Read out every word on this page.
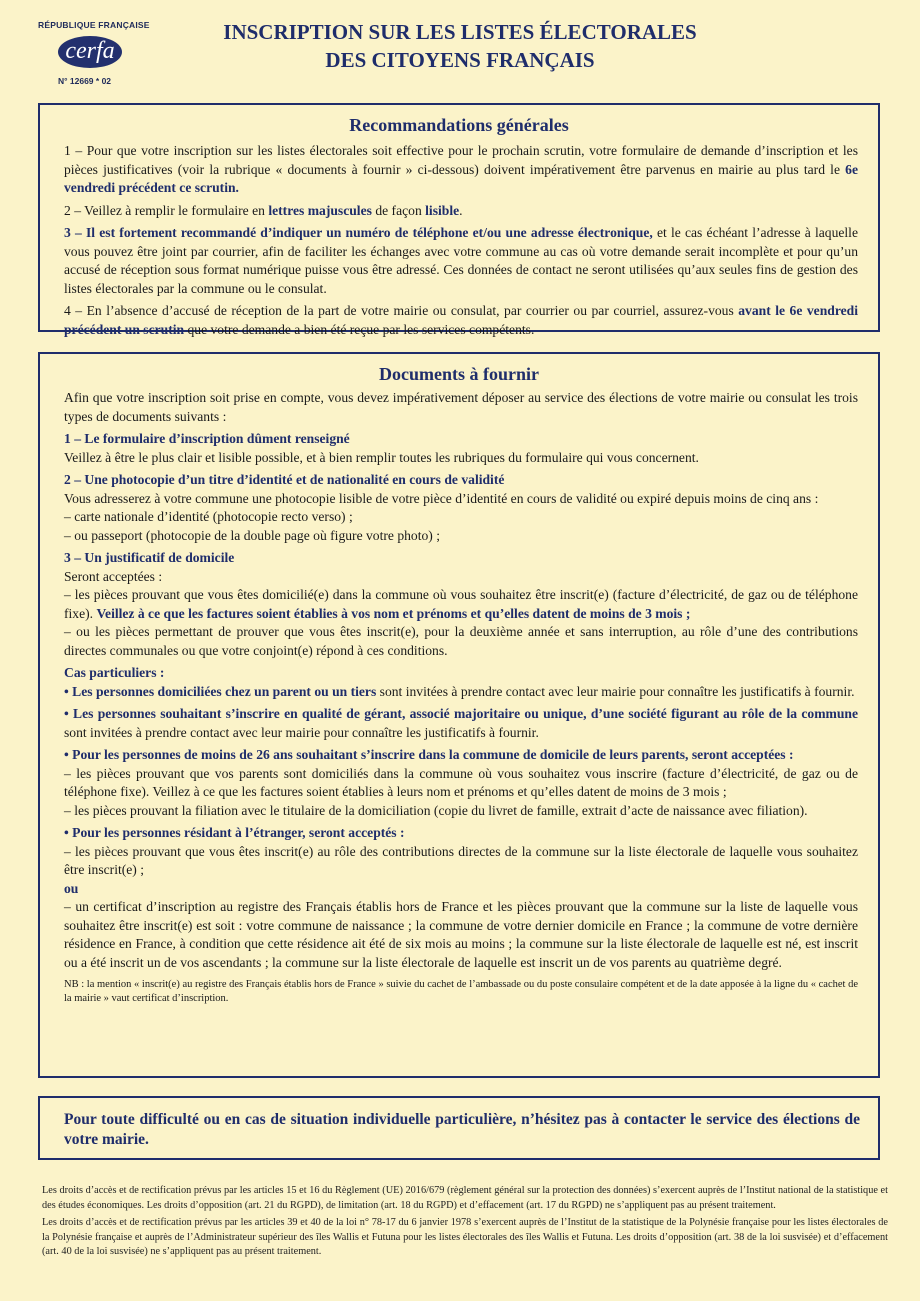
RÉPUBLIQUE FRANÇAISE
cerfa
N° 12669 * 02
INSCRIPTION SUR LES LISTES ÉLECTORALES
DES CITOYENS FRANÇAIS
Recommandations générales

1 – Pour que votre inscription sur les listes électorales soit effective pour le prochain scrutin, votre formulaire de demande d’inscription et les pièces justificatives (voir la rubrique « documents à fournir » ci-dessous) doivent impérativement être parvenus en mairie au plus tard le 6e vendredi précédent ce scrutin.

2 – Veillez à remplir le formulaire en lettres majuscules de façon lisible.

3 – Il est fortement recommandé d’indiquer un numéro de téléphone et/ou une adresse électronique, et le cas échéant l’adresse à laquelle vous pouvez être joint par courrier, afin de faciliter les échanges avec votre commune au cas où votre demande serait incomplète et pour qu’un accusé de réception sous format numérique puisse vous être adressé. Ces données de contact ne seront utilisées qu’aux seules fins de gestion des listes électorales par la commune ou le consulat.

4 – En l’absence d’accusé de réception de la part de votre mairie ou consulat, par courrier ou par courriel, assurez-vous avant le 6e vendredi précédent un scrutin que votre demande a bien été reçue par les services compétents.

Documents à fournir

Afin que votre inscription soit prise en compte, vous devez impérativement déposer au service des élections de votre mairie ou consulat les trois types de documents suivants :

1 – Le formulaire d’inscription dûment renseigné

Veillez à être le plus clair et lisible possible, et à bien remplir toutes les rubriques du formulaire qui vous concernent.

2 – Une photocopie d’un titre d’identité et de nationalité en cours de validité

Vous adresserez à votre commune une photocopie lisible de votre pièce d’identité en cours de validité ou expiré depuis moins de cinq ans :

– carte nationale d’identité (photocopie recto verso) ;

– ou passeport (photocopie de la double page où figure votre photo) ;

3 – Un justificatif de domicile

Seront acceptées :

– les pièces prouvant que vous êtes domicilié(e) dans la commune où vous souhaitez être inscrit(e) (facture d’électricité, de gaz ou de téléphone fixe). Veillez à ce que les factures soient établies à vos nom et prénoms et qu’elles datent de moins de 3 mois ;

– ou les pièces permettant de prouver que vous êtes inscrit(e), pour la deuxième année et sans interruption, au rôle d’une des contributions directes communales ou que votre conjoint(e) répond à ces conditions.

Cas particuliers :

• Les personnes domiciliées chez un parent ou un tiers sont invitées à prendre contact avec leur mairie pour connaître les justificatifs à fournir.

• Les personnes souhaitant s’inscrire en qualité de gérant, associé majoritaire ou unique, d’une société figurant au rôle de la commune sont invitées à prendre contact avec leur mairie pour connaître les justificatifs à fournir.

• Pour les personnes de moins de 26 ans souhaitant s’inscrire dans la commune de domicile de leurs parents, seront acceptées :

– les pièces prouvant que vos parents sont domiciliés dans la commune où vous souhaitez vous inscrire (facture d’électricité, de gaz ou de téléphone fixe). Veillez à ce que les factures soient établies à leurs nom et prénoms et qu’elles datent de moins de 3 mois ;

– les pièces prouvant la filiation avec le titulaire de la domiciliation (copie du livret de famille, extrait d’acte de naissance avec filiation).

• Pour les personnes résidant à l’étranger, seront acceptés :

– les pièces prouvant que vous êtes inscrit(e) au rôle des contributions directes de la commune sur la liste électorale de laquelle vous souhaitez être inscrit(e) ;

ou

– un certificat d’inscription au registre des Français établis hors de France et les pièces prouvant que la commune sur la liste de laquelle vous souhaitez être inscrit(e) est soit : votre commune de naissance ; la commune de votre dernier domicile en France ; la commune de votre dernière résidence en France, à condition que cette résidence ait été de six mois au moins ; la commune sur la liste électorale de laquelle est né, est inscrit ou a été inscrit un de vos ascendants ; la commune sur la liste électorale de laquelle est inscrit un de vos parents au quatrième degré.

NB : la mention « inscrit(e) au registre des Français établis hors de France » suivie du cachet de l’ambassade ou du poste consulaire compétent et de la date apposée à la ligne du « cachet de la mairie » vaut certificat d’inscription.

Pour toute difficulté ou en cas de situation individuelle particulière, n’hésitez pas à contacter le service des élections de votre mairie.

Les droits d’accès et de rectification prévus par les articles 15 et 16 du Règlement (UE) 2016/679 (règlement général sur la protection des données) s’exercent auprès de l’Institut national de la statistique et des études économiques. Les droits d’opposition (art. 21 du RGPD), de limitation (art. 18 du RGPD) et d’effacement (art. 17 du RGPD) ne s’appliquent pas au présent traitement.

Les droits d’accès et de rectification prévus par les articles 39 et 40 de la loi n° 78-17 du 6 janvier 1978 s’exercent auprès de l’Institut de la statistique de la Polynésie française pour les listes électorales de la Polynésie française et auprès de l’Administrateur supérieur des îles Wallis et Futuna pour les listes électorales des îles Wallis et Futuna. Les droits d’opposition (art. 38 de la loi susvisée) et d’effacement (art. 40 de la loi susvisée) ne s’appliquent pas au présent traitement.
